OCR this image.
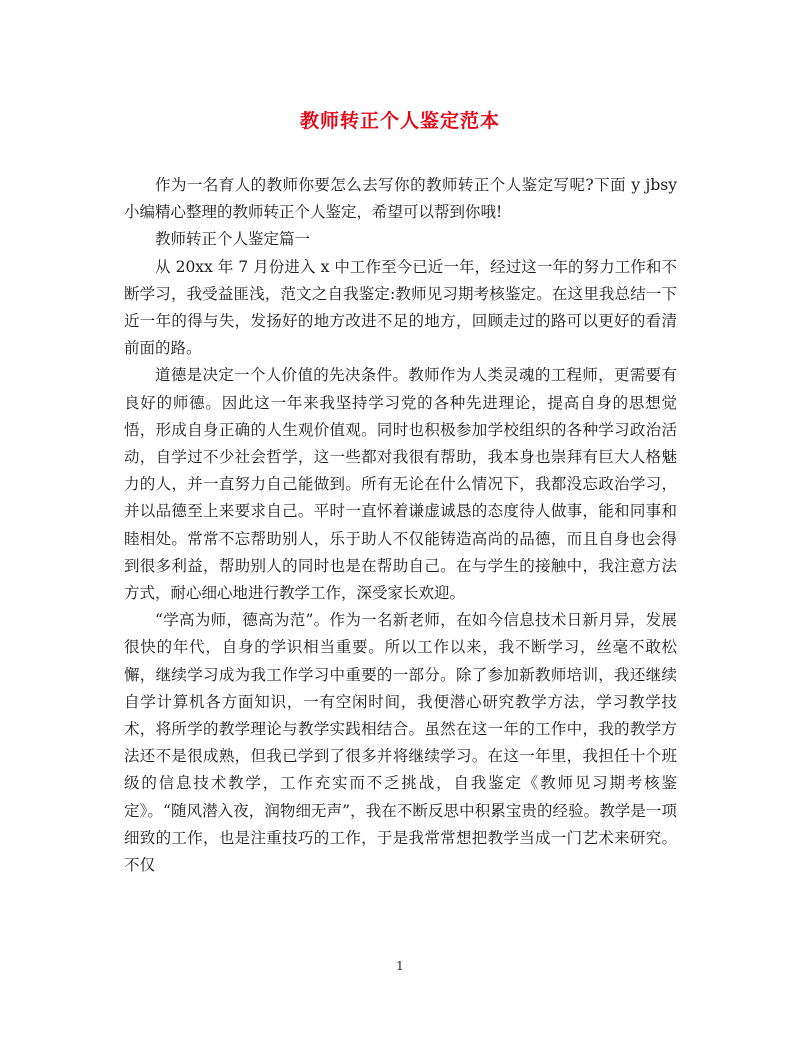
教师转正个人鉴定范本

作为一名育人的教师你要怎么去写你的教师转正个人鉴定写呢?下面 y jbsy 小编精心整理的教师转正个人鉴定，希望可以帮到你哦!

教师转正个人鉴定篇一

从 20xx 年 7 月份进入 x 中工作至今已近一年，经过这一年的努力工作和不断学习，我受益匪浅，范文之自我鉴定:教师见习期考核鉴定。在这里我总结一下近一年的得与失，发扬好的地方改进不足的地方，回顾走过的路可以更好的看清前面的路。

道德是决定一个人价值的先决条件。教师作为人类灵魂的工程师，更需要有良好的师德。因此这一年来我坚持学习党的各种先进理论，提高自身的思想觉悟，形成自身正确的人生观价值观。同时也积极参加学校组织的各种学习政治活动，自学过不少社会哲学，这一些都对我很有帮助，我本身也崇拜有巨大人格魅力的人，并一直努力自己能做到。所有无论在什么情况下，我都没忘政治学习，并以品德至上来要求自己。平时一直怀着谦虚诚恳的态度待人做事，能和同事和睦相处。常常不忘帮助别人，乐于助人不仅能铸造高尚的品德，而且自身也会得到很多利益，帮助别人的同时也是在帮助自己。在与学生的接触中，我注意方法方式，耐心细心地进行教学工作，深受家长欢迎。

“学高为师，德高为范”。作为一名新老师，在如今信息技术日新月异，发展很快的年代，自身的学识相当重要。所以工作以来，我不断学习，丝毫不敢松懈，继续学习成为我工作学习中重要的一部分。除了参加新教师培训，我还继续自学计算机各方面知识，一有空闲时间，我便潜心研究教学方法，学习教学技术，将所学的教学理论与教学实践相结合。虽然在这一年的工作中，我的教学方法还不是很成熟，但我已学到了很多并将继续学习。在这一年里，我担任十个班级的信息技术教学，工作充实而不乏挑战，自我鉴定《教师见习期考核鉴定》。“随风潜入夜，润物细无声”，我在不断反思中积累宝贵的经验。教学是一项细致的工作，也是注重技巧的工作，于是我常常想把教学当成一门艺术来研究。不仅

1
